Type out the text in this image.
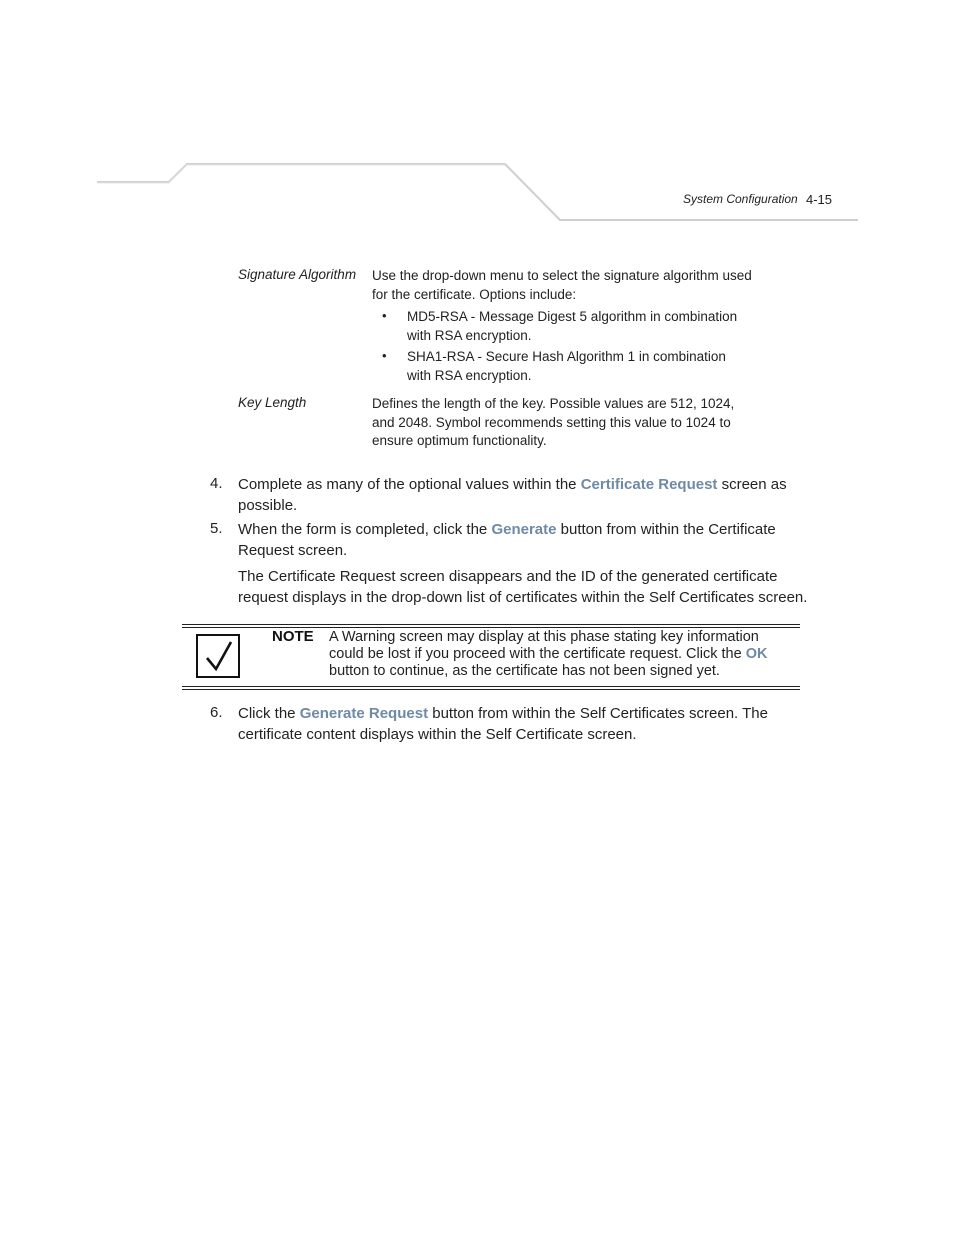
System Configuration 4-15
Signature Algorithm Use the drop-down menu to select the signature algorithm used for the certificate. Options include:
• MD5-RSA - Message Digest 5 algorithm in combination with RSA encryption.
• SHA1-RSA - Secure Hash Algorithm 1 in combination with RSA encryption.
Key Length	Defines the length of the key. Possible values are 512, 1024, and 2048. Symbol recommends setting this value to 1024 to ensure optimum functionality.
4. Complete as many of the optional values within the Certificate Request screen as possible.
5. When the form is completed, click the Generate button from within the Certificate Request screen.
The Certificate Request screen disappears and the ID of the generated certificate request displays in the drop-down list of certificates within the Self Certificates screen.
NOTE A Warning screen may display at this phase stating key information could be lost if you proceed with the certificate request. Click the OK button to continue, as the certificate has not been signed yet.
6. Click the Generate Request button from within the Self Certificates screen. The certificate content displays within the Self Certificate screen.
